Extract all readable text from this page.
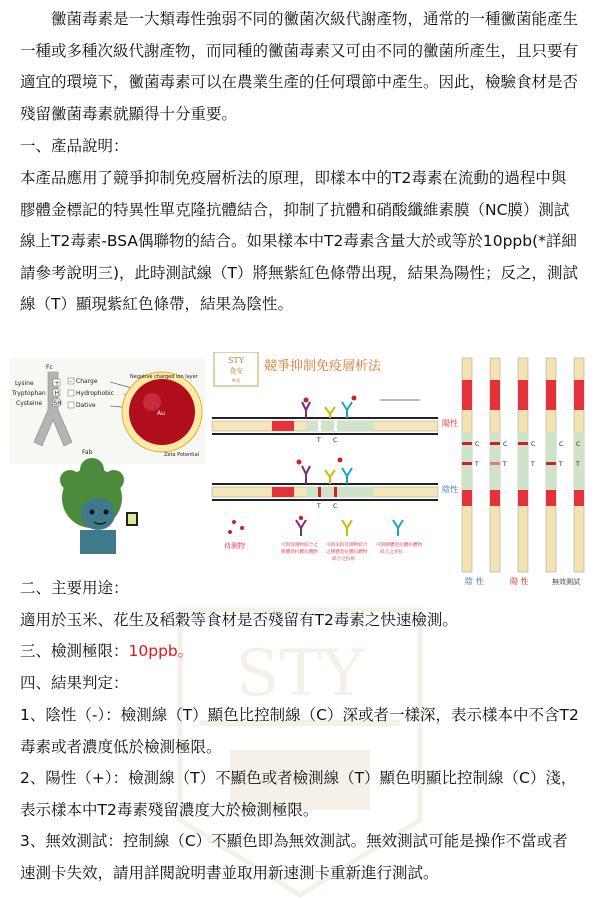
STY

黴菌毒素是一大類毒性強弱不同的黴菌次級代謝產物，通常的一種黴菌能產生一種或多種次級代謝產物，而同種的黴菌毒素又可由不同的黴菌所產生，且只要有適宜的環境下，黴菌毒素可以在農業生產的任何環節中產生。因此，檢驗食材是否殘留黴菌毒素就顯得十分重要。

一、產品說明：

本產品應用了競爭抑制免疫層析法的原理，即樣本中的T2毒素在流動的過程中與膠體金標記的特異性單克隆抗體結合，抑制了抗體和硝酸纖維素膜（NC膜）測試線上T2毒素-BSA偶聯物的結合。如果樣本中T2毒素含量大於或等於10ppb(*詳細請參考說明三)，此時測試線（T）將無紫紅色條帶出現，結果為陽性；反之，測試線（T）顯現紫紅色條帶，結果為陰性。

Fc
Lysine
Tryptophan
Cysteine
+
H
SH
Fab
Charge
Hydrophobic
Dative
-
Au
Negative charged ion layer
Zeta Potential
STY
食安
專家
競爭抑制免疫層析法
T C
陽性
T C
陰性
待測物	可與待測物結合之
膠體金抗體抗體物
可與未結待測物結合
之膠體金抗體抗體物
結合之抗原
可與膠體金抗體抗體物
結合之多抗
C
T
C
T
C
T
C
T
C
T
陰 性	陽 性	無效測試

二、主要用途：

適用於玉米、花生及稻穀等食材是否殘留有T2毒素之快速檢測。

三、檢測極限：10ppb。

四、結果判定：

1、陰性（-）：檢測線（T）顯色比控制線（C）深或者一樣深，表示樣本中不含T2毒素或者濃度低於檢測極限。

2、陽性（+）：檢測線（T）不顯色或者檢測線（T）顯色明顯比控制線（C）淺，表示樣本中T2毒素殘留濃度大於檢測極限。

3、無效測試：控制線（C）不顯色即為無效測試。無效測試可能是操作不當或者速測卡失效，請用詳閱說明書並取用新速測卡重新進行測試。
